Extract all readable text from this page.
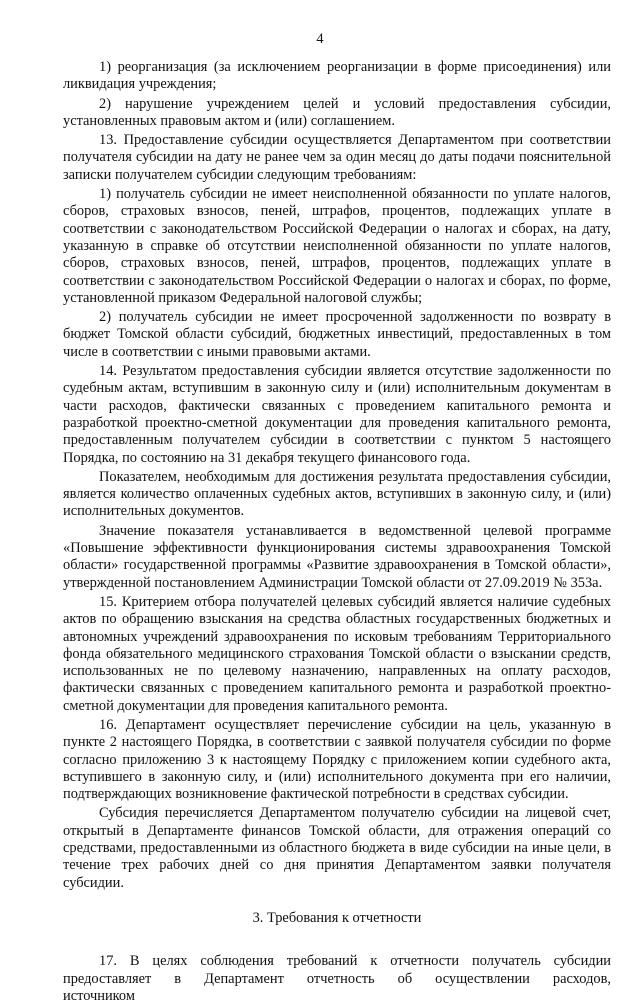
4

1) реорганизация (за исключением реорганизации в форме присоединения) или ликвидация учреждения;

2) нарушение учреждением целей и условий предоставления субсидии, установленных правовым актом и (или) соглашением.

13. Предоставление субсидии осуществляется Департаментом при соответствии получателя субсидии на дату не ранее чем за один месяц до даты подачи пояснительной записки получателем субсидии следующим требованиям:

1) получатель субсидии не имеет неисполненной обязанности по уплате налогов, сборов, страховых взносов, пеней, штрафов, процентов, подлежащих уплате в соответствии с законодательством Российской Федерации о налогах и сборах, на дату, указанную в справке об отсутствии неисполненной обязанности по уплате налогов, сборов, страховых взносов, пеней, штрафов, процентов, подлежащих уплате в соответствии с законодательством Российской Федерации о налогах и сборах, по форме, установленной приказом Федеральной налоговой службы;

2) получатель субсидии не имеет просроченной задолженности по возврату в бюджет Томской области субсидий, бюджетных инвестиций, предоставленных в том числе в соответствии с иными правовыми актами.

14. Результатом предоставления субсидии является отсутствие задолженности по судебным актам, вступившим в законную силу и (или) исполнительным документам в части расходов, фактически связанных с проведением капитального ремонта и разработкой проектно-сметной документации для проведения капитального ремонта, предоставленным получателем субсидии в соответствии с пунктом 5 настоящего Порядка, по состоянию на 31 декабря текущего финансового года.

Показателем, необходимым для достижения результата предоставления субсидии, является количество оплаченных судебных актов, вступивших в законную силу, и (или) исполнительных документов.

Значение показателя устанавливается в ведомственной целевой программе «Повышение эффективности функционирования системы здравоохранения Томской области» государственной программы «Развитие здравоохранения в Томской области», утвержденной постановлением Администрации Томской области от 27.09.2019 № 353а.

15. Критерием отбора получателей целевых субсидий является наличие судебных актов по обращению взыскания на средства областных государственных бюджетных и автономных учреждений здравоохранения по исковым требованиям Территориального фонда обязательного медицинского страхования Томской области о взыскании средств, использованных не по целевому назначению, направленных на оплату расходов, фактически связанных с проведением капитального ремонта и разработкой проектно-сметной документации для проведения капитального ремонта.

16. Департамент осуществляет перечисление субсидии на цель, указанную в пункте 2 настоящего Порядка, в соответствии с заявкой получателя субсидии по форме согласно приложению 3 к настоящему Порядку с приложением копии судебного акта, вступившего в законную силу, и (или) исполнительного документа при его наличии, подтверждающих возникновение фактической потребности в средствах субсидии.

Субсидия перечисляется Департаментом получателю субсидии на лицевой счет, открытый в Департаменте финансов Томской области, для отражения операций со средствами, предоставленными из областного бюджета в виде субсидии на иные цели, в течение трех рабочих дней со дня принятия Департаментом заявки получателя субсидии.

3. Требования к отчетности

17. В целях соблюдения требований к отчетности получатель субсидии предоставляет в Департамент отчетность об осуществлении расходов, источником
